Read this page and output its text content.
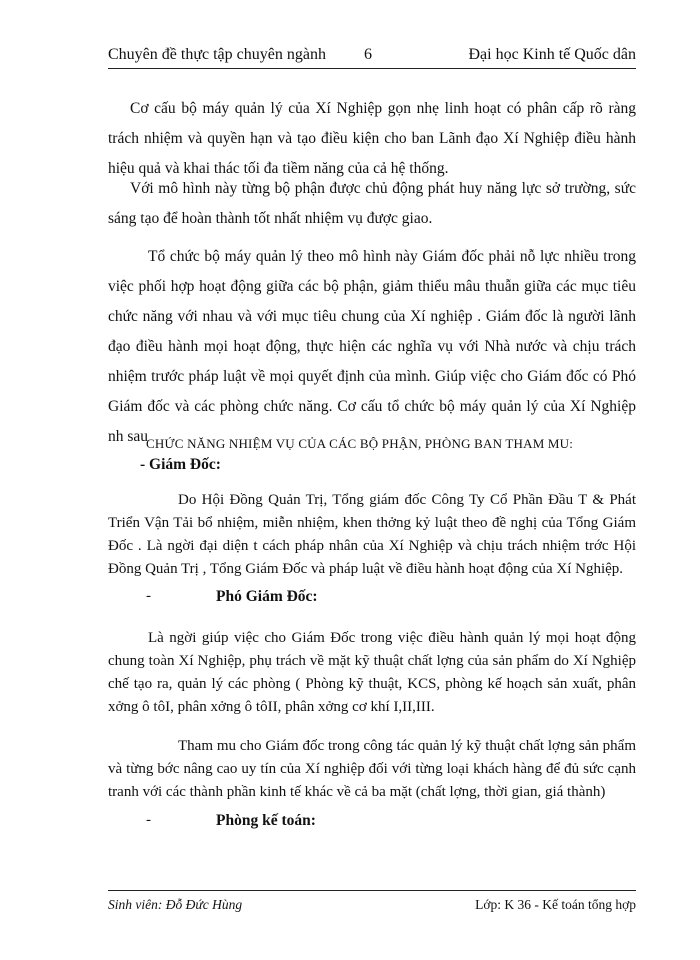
Chuyên đề thực tập chuyên ngành 6	Đại học Kinh tế Quốc dân

Cơ cấu bộ máy quản lý của Xí Nghiệp gọn nhẹ linh hoạt có phân cấp rõ ràng trách nhiệm và quyền hạn và tạo điều kiện cho ban Lãnh đạo Xí Nghiệp điều hành hiệu quả và khai thác tối đa tiềm năng của cả hệ thống.

Với mô hình này từng bộ phận được chủ động phát huy năng lực sở trường, sức sáng tạo để hoàn thành tốt nhất nhiệm vụ được giao.

Tổ chức bộ máy quản lý theo mô hình này Giám đốc phải nỗ lực nhiều trong việc phối hợp hoạt động giữa các bộ phận, giảm thiểu mâu thuẫn giữa các mục tiêu chức năng với nhau và với mục tiêu chung của Xí nghiệp . Giám đốc là người lãnh đạo điều hành mọi hoạt động, thực hiện các nghĩa vụ với Nhà nước và chịu trách nhiệm trước pháp luật về mọi quyết định của mình. Giúp việc cho Giám đốc có Phó Giám đốc và các phòng chức năng. Cơ cấu tổ chức bộ máy quản lý của Xí Nghiệp nh sau

CHỨC NĂNG NHIỆM VỤ CỦA CÁC BỘ PHẬN, PHÒNG BAN THAM MU:
- Giám Đốc:

Do Hội Đồng Quản Trị, Tổng giám đốc Công Ty Cổ Phần Đầu T & Phát Triển Vận Tải bổ nhiệm, miễn nhiệm, khen thởng kỷ luật theo đề nghị của Tổng Giám Đốc . Là ngời đại diện t cách pháp nhân của Xí Nghiệp và chịu trách nhiệm trớc Hội Đồng Quản Trị , Tổng Giám Đốc và pháp luật về điều hành hoạt động của Xí Nghiệp.

-	Phó Giám Đốc:

Là ngời giúp việc cho Giám Đốc trong việc điều hành quản lý mọi hoạt động chung toàn Xí Nghiệp, phụ trách về mặt kỹ thuật chất lợng của sản phẩm do Xí Nghiệp chế tạo ra, quản lý các phòng ( Phòng kỹ thuật, KCS, phòng kế hoạch sản xuất, phân xởng ô tôI, phân xởng ô tôII, phân xởng cơ khí I,II,III.

Tham mu cho Giám đốc trong công tác quản lý kỹ thuật chất lợng sản phẩm và từng bớc nâng cao uy tín của Xí nghiệp đối với từng loại khách hàng để đủ sức cạnh tranh với các thành phần kinh tế khác về cả ba mặt (chất lợng, thời gian, giá thành)

-	Phòng kế toán:
Sinh viên: Đỗ Đức Hùng	Lớp: K 36 - Kế toán tổng hợp
